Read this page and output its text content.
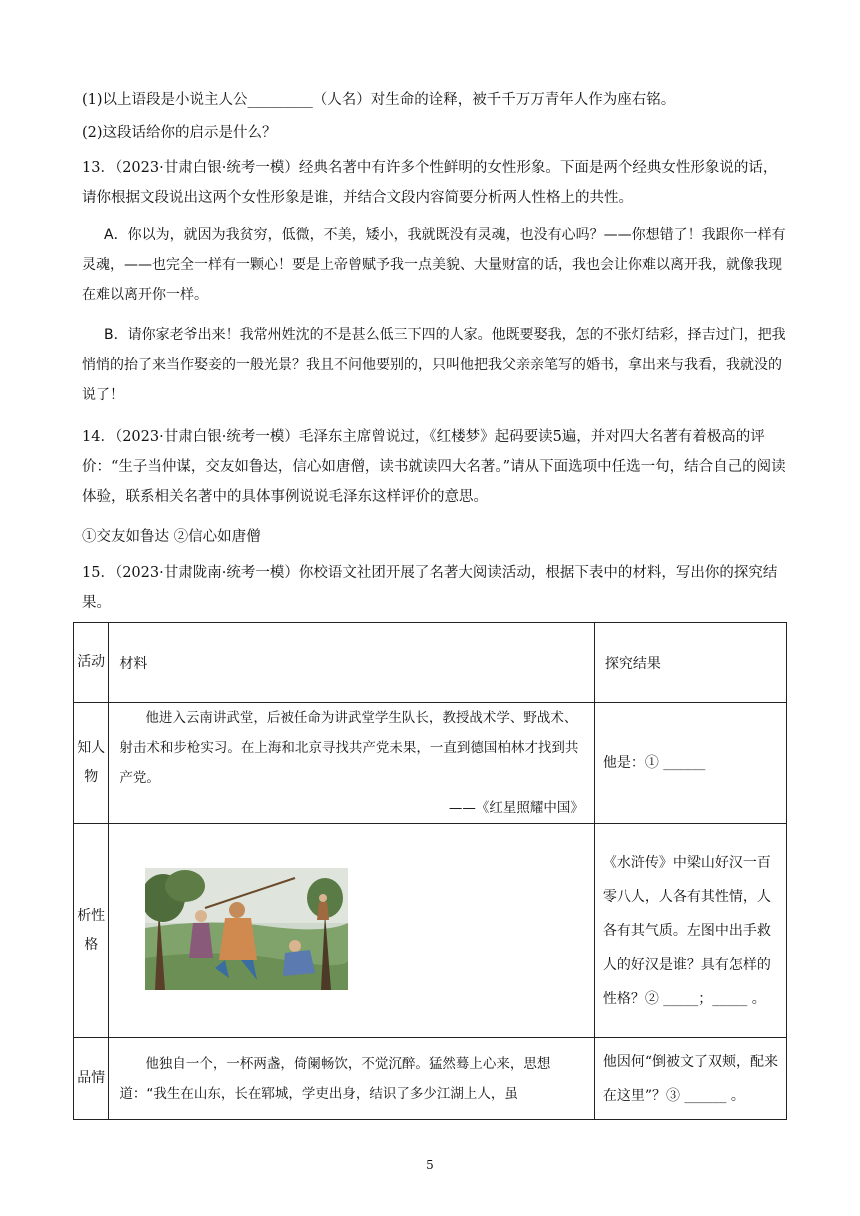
(1)以上语段是小说主人公_________（人名）对生命的诠释，被千千万万青年人作为座右铭。

(2)这段话给你的启示是什么？

13．（2023·甘肃白银·统考一模）经典名著中有许多个性鲜明的女性形象。下面是两个经典女性形象说的话，请你根据文段说出这两个女性形象是谁，并结合文段内容简要分析两人性格上的共性。

A．你以为，就因为我贫穷，低微，不美，矮小，我就既没有灵魂，也没有心吗？——你想错了！我跟你一样有灵魂，——也完全一样有一颗心！要是上帝曾赋予我一点美貌、大量财富的话，我也会让你难以离开我，就像我现在难以离开你一样。

B．请你家老爷出来！我常州姓沈的不是甚么低三下四的人家。他既要娶我，怎的不张灯结彩，择吉过门，把我悄悄的抬了来当作娶妾的一般光景？我且不问他要别的，只叫他把我父亲亲笔写的婚书，拿出来与我看，我就没的说了！

14．（2023·甘肃白银·统考一模）毛泽东主席曾说过，《红楼梦》起码要读5遍，并对四大名著有着极高的评价：“生子当仲谋，交友如鲁达，信心如唐僧，读书就读四大名著。”请从下面选项中任选一句，结合自己的阅读体验，联系相关名著中的具体事例说说毛泽东这样评价的意思。

①交友如鲁达 ②信心如唐僧

15．（2023·甘肃陇南·统考一模）你校语文社团开展了名著大阅读活动，根据下表中的材料，写出你的探究结果。

活动	材料	探究结果
知人物	他进入云南讲武堂，后被任命为讲武堂学生队长，教授战术学、野战术、射击术和步枪实习。在上海和北京寻找共产党未果，一直到德国柏林才找到共产党。
——《红星照耀中国》	他是：① ______
析性格		《水浒传》中梁山好汉一百零八人，人各有其性情，人各有其气质。左图中出手救人的好汉是谁？具有怎样的性格？② _____；_____ 。
品情	他独自一个，一杯两盏，倚阑畅饮，不觉沉醉。猛然蓦上心来，思想道：“我生在山东，长在郓城，学吏出身，结识了多少江湖上人，虽	他因何“倒被文了双颊，配来在这里”？③ ______ 。
5
